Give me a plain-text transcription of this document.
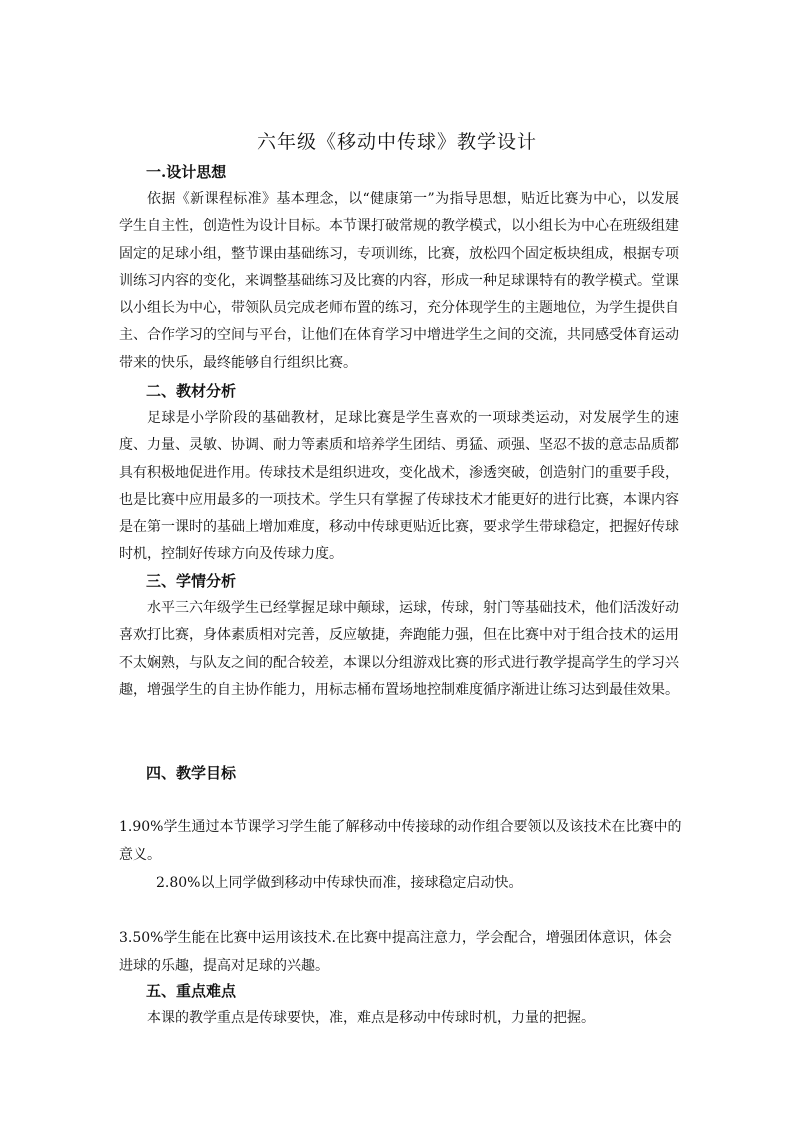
六年级《移动中传球》教学设计
一.设计思想
依据《新课程标准》基本理念，以“健康第一”为指导思想，贴近比赛为中心，以发展学生自主性，创造性为设计目标。本节课打破常规的教学模式，以小组长为中心在班级组建固定的足球小组，整节课由基础练习，专项训练，比赛，放松四个固定板块组成，根据专项训练习内容的变化，来调整基础练习及比赛的内容，形成一种足球课特有的教学模式。堂课以小组长为中心，带领队员完成老师布置的练习，充分体现学生的主题地位，为学生提供自主、合作学习的空间与平台，让他们在体育学习中增进学生之间的交流，共同感受体育运动带来的快乐，最终能够自行组织比赛。
二、教材分析
足球是小学阶段的基础教材，足球比赛是学生喜欢的一项球类运动，对发展学生的速度、力量、灵敏、协调、耐力等素质和培养学生团结、勇猛、顽强、坚忍不拔的意志品质都具有积极地促进作用。传球技术是组织进攻，变化战术，渗透突破，创造射门的重要手段，也是比赛中应用最多的一项技术。学生只有掌握了传球技术才能更好的进行比赛，本课内容是在第一课时的基础上增加难度，移动中传球更贴近比赛，要求学生带球稳定，把握好传球时机，控制好传球方向及传球力度。
三、学情分析
水平三六年级学生已经掌握足球中颠球，运球，传球，射门等基础技术，他们活泼好动喜欢打比赛，身体素质相对完善，反应敏捷，奔跑能力强，但在比赛中对于组合技术的运用不太娴熟，与队友之间的配合较差，本课以分组游戏比赛的形式进行教学提高学生的学习兴趣，增强学生的自主协作能力，用标志桶布置场地控制难度循序渐进让练习达到最佳效果。
四、教学目标
1.90%学生通过本节课学习学生能了解移动中传接球的动作组合要领以及该技术在比赛中的意义。
2.80%以上同学做到移动中传球快而准，接球稳定启动快。
3.50%学生能在比赛中运用该技术.在比赛中提高注意力，学会配合，增强团体意识，体会进球的乐趣，提高对足球的兴趣。
五、重点难点
本课的教学重点是传球要快，准，难点是移动中传球时机，力量的把握。
